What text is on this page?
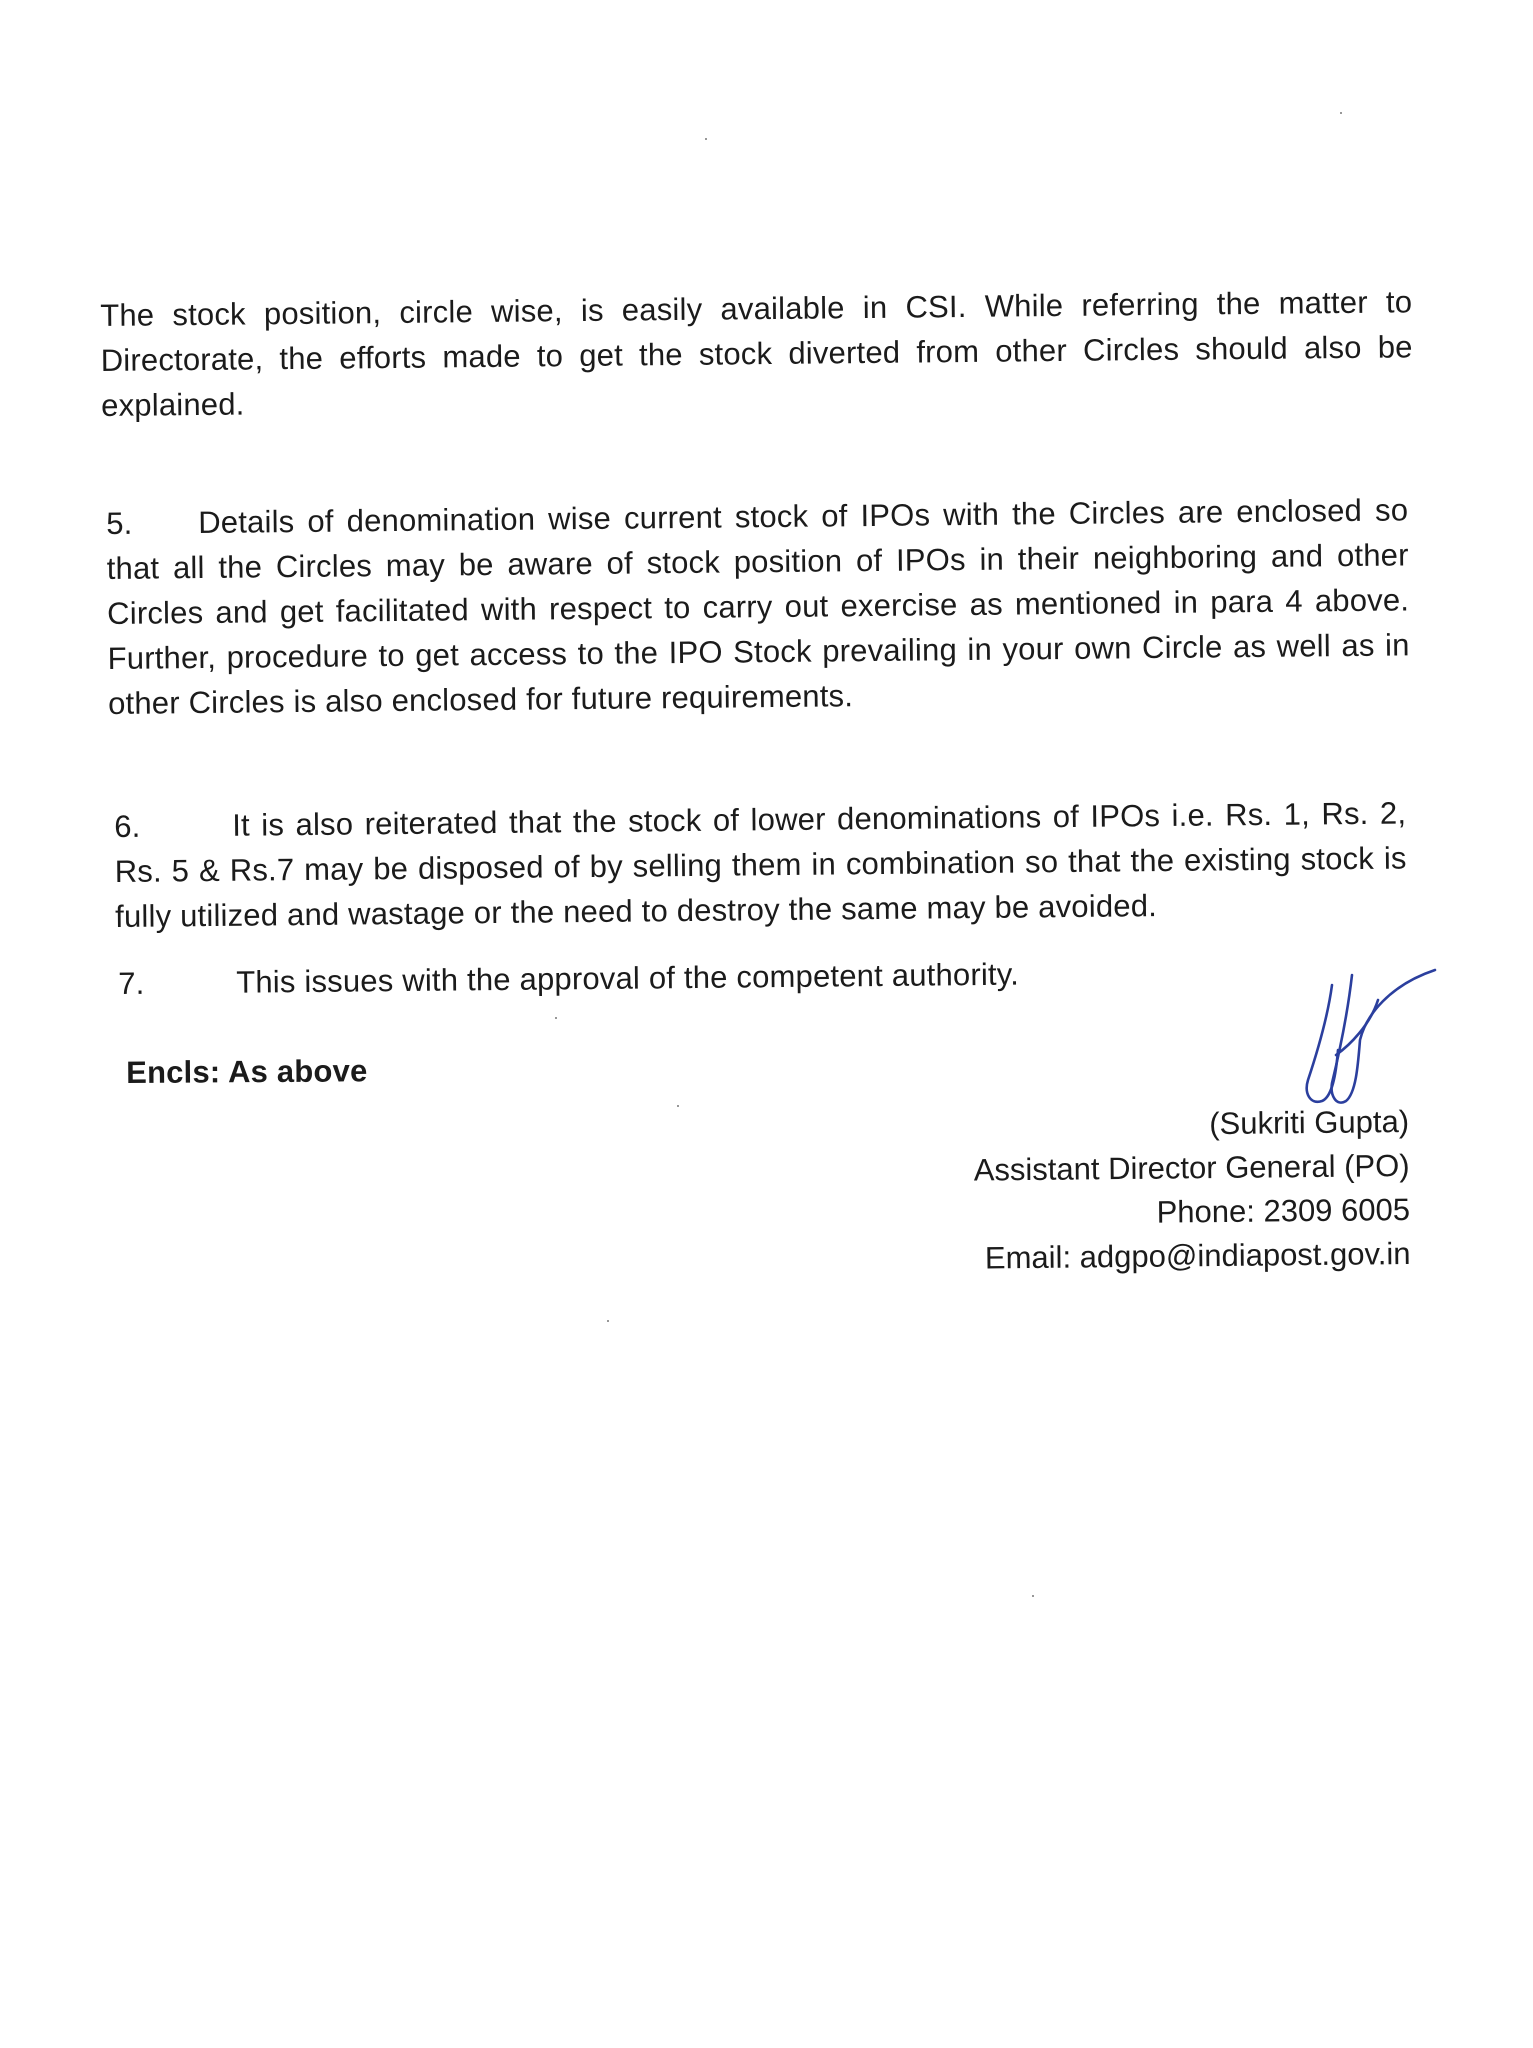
The stock position, circle wise, is easily available in CSI. While referring the matter to Directorate, the efforts made to get the stock diverted from other Circles should also be explained.

5. Details of denomination wise current stock of IPOs with the Circles are enclosed so that all the Circles may be aware of stock position of IPOs in their neighboring and other Circles and get facilitated with respect to carry out exercise as mentioned in para 4 above. Further, procedure to get access to the IPO Stock prevailing in your own Circle as well as in other Circles is also enclosed for future requirements.

6.	It is also reiterated that the stock of lower denominations of IPOs i.e. Rs. 1, Rs. 2, Rs. 5 & Rs.7 may be disposed of by selling them in combination so that the existing stock is fully utilized and wastage or the need to destroy the same may be avoided.

7.	This issues with the approval of the competent authority.

Encls: As above
(Sukriti Gupta)
Assistant Director General (PO)
Phone: 2309 6005
Email: adgpo@indiapost.gov.in
